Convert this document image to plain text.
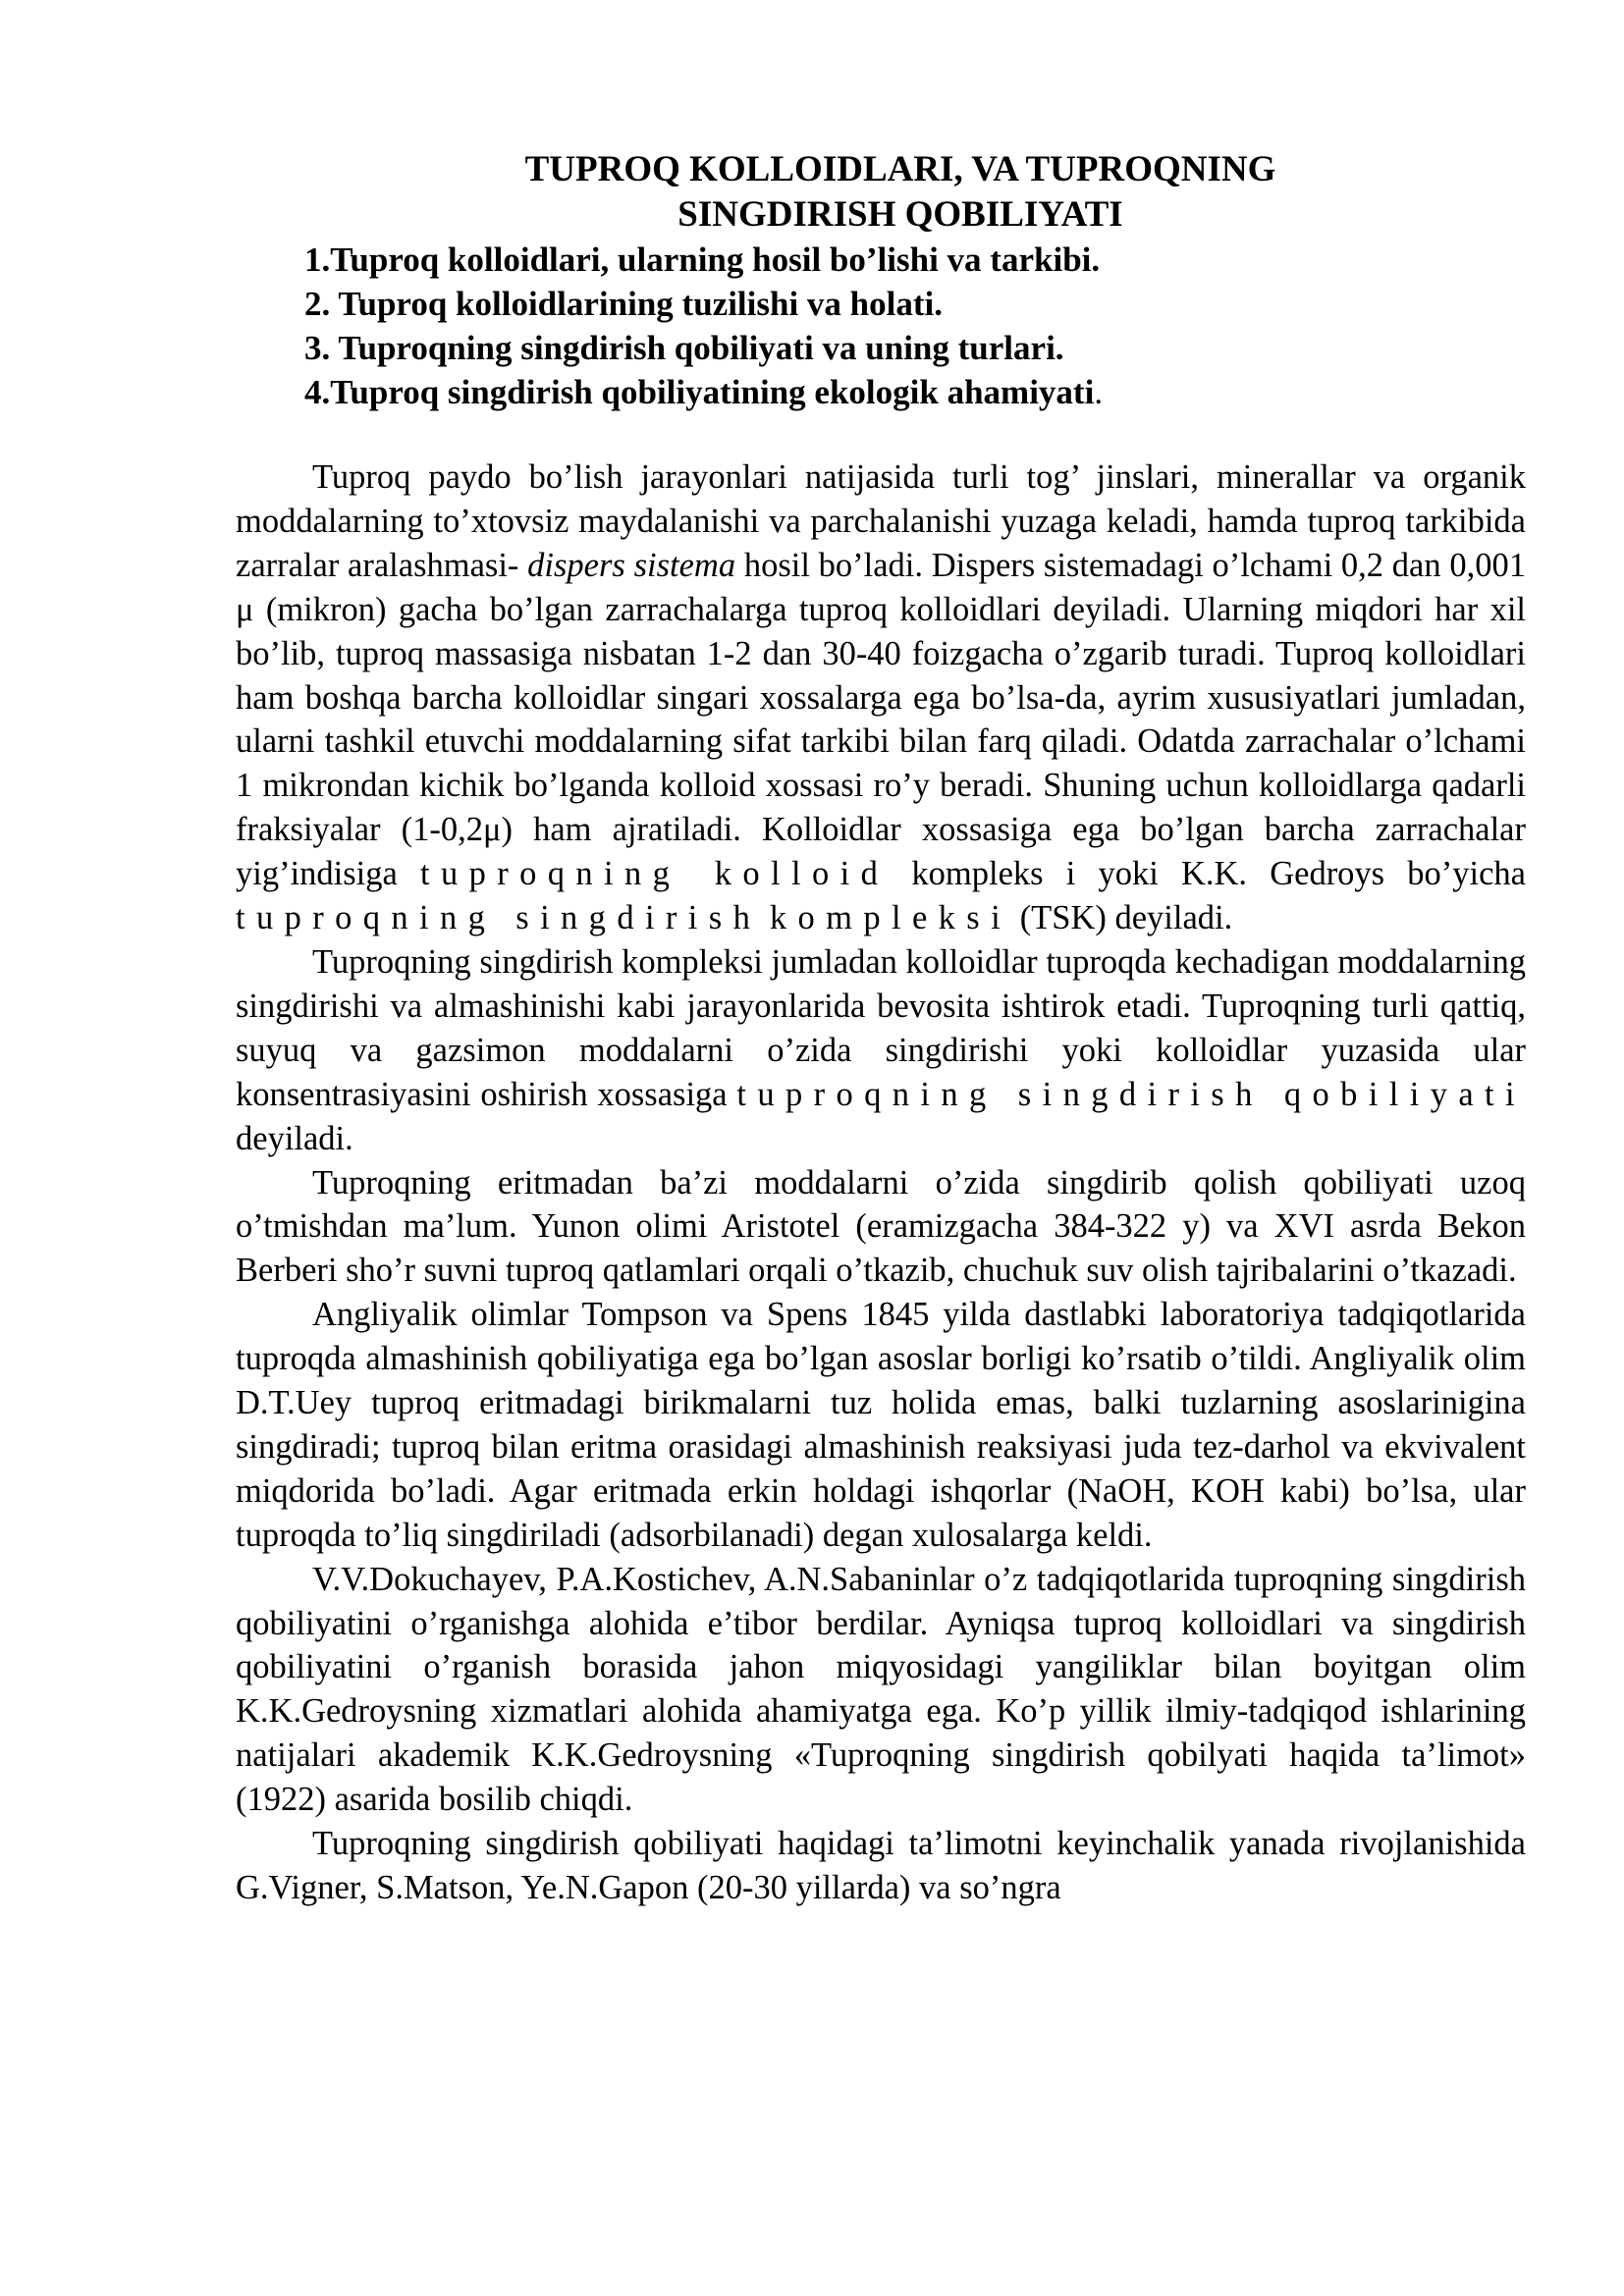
TUPROQ KOLLOIDLARI, VA TUPROQNING
SINGDIRISH QOBILIYATI
1.Tuproq kolloidlari, ularning hosil bo’lishi va tarkibi.
2. Tuproq kolloidlarining tuzilishi va holati.
3. Tuproqning singdirish qobiliyati va uning turlari.
4.Tuproq singdirish qobiliyatining ekologik ahamiyati.

Tuproq paydo bo’lish jarayonlari natijasida turli tog’ jinslari, minerallar va organik moddalarning to’xtovsiz maydalanishi va parchalanishi yuzaga keladi, hamda tuproq tarkibida zarralar aralashmasi- dispers sistema hosil bo’ladi. Dispers sistemadagi o’lchami 0,2 dan 0,001 μ (mikron) gacha bo’lgan zarrachalarga tuproq kolloidlari deyiladi. Ularning miqdori har xil bo’lib, tuproq massasiga nisbatan 1-2 dan 30-40 foizgacha o’zgarib turadi. Tuproq kolloidlari ham boshqa barcha kolloidlar singari xossalarga ega bo’lsa-da, ayrim xususiyatlari jumladan, ularni tashkil etuvchi moddalarning sifat tarkibi bilan farq qiladi. Odatda zarrachalar o’lchami 1 mikrondan kichik bo’lganda kolloid xossasi ro’y beradi. Shuning uchun kolloidlarga qadarli fraksiyalar (1-0,2μ) ham ajratiladi. Kolloidlar xossasiga ega bo’lgan barcha zarrachalar yig’indisiga tuproqning kolloid kompleks i yoki K.K. Gedroys bo’yicha tuproqning singdirish kompleksi (TSK) deyiladi.

Tuproqning singdirish kompleksi jumladan kolloidlar tuproqda kechadigan moddalarning singdirishi va almashinishi kabi jarayonlarida bevosita ishtirok etadi. Tuproqning turli qattiq, suyuq va gazsimon moddalarni o’zida singdirishi yoki kolloidlar yuzasida ular konsentrasiyasini oshirish xossasiga tuproqning singdirish qobiliyati deyiladi.

Tuproqning eritmadan ba’zi moddalarni o’zida singdirib qolish qobiliyati uzoq o’tmishdan ma’lum. Yunon olimi Aristotel (eramizgacha 384-322 y) va XVI asrda Bekon Berberi sho’r suvni tuproq qatlamlari orqali o’tkazib, chuchuk suv olish tajribalarini o’tkazadi.

Angliyalik olimlar Tompson va Spens 1845 yilda dastlabki laboratoriya tadqiqotlarida tuproqda almashinish qobiliyatiga ega bo’lgan asoslar borligi ko’rsatib o’tildi. Angliyalik olim D.T.Uey tuproq eritmadagi birikmalarni tuz holida emas, balki tuzlarning asoslarinigina singdiradi; tuproq bilan eritma orasidagi almashinish reaksiyasi juda tez-darhol va ekvivalent miqdorida bo’ladi. Agar eritmada erkin holdagi ishqorlar (NaOH, KOH kabi) bo’lsa, ular tuproqda to’liq singdiriladi (adsorbilanadi) degan xulosalarga keldi.

V.V.Dokuchayev, P.A.Kostichev, A.N.Sabaninlar o’z tadqiqotlarida tuproqning singdirish qobiliyatini o’rganishga alohida e’tibor berdilar. Ayniqsa tuproq kolloidlari va singdirish qobiliyatini o’rganish borasida jahon miqyosidagi yangiliklar bilan boyitgan olim K.K.Gedroysning xizmatlari alohida ahamiyatga ega. Ko’p yillik ilmiy-tadqiqod ishlarining natijalari akademik K.K.Gedroysning «Tuproqning singdirish qobilyati haqida ta’limot» (1922) asarida bosilib chiqdi.

Tuproqning singdirish qobiliyati haqidagi ta’limotni keyinchalik yanada rivojlanishida G.Vigner, S.Matson, Ye.N.Gapon (20-30 yillarda) va so’ngra
